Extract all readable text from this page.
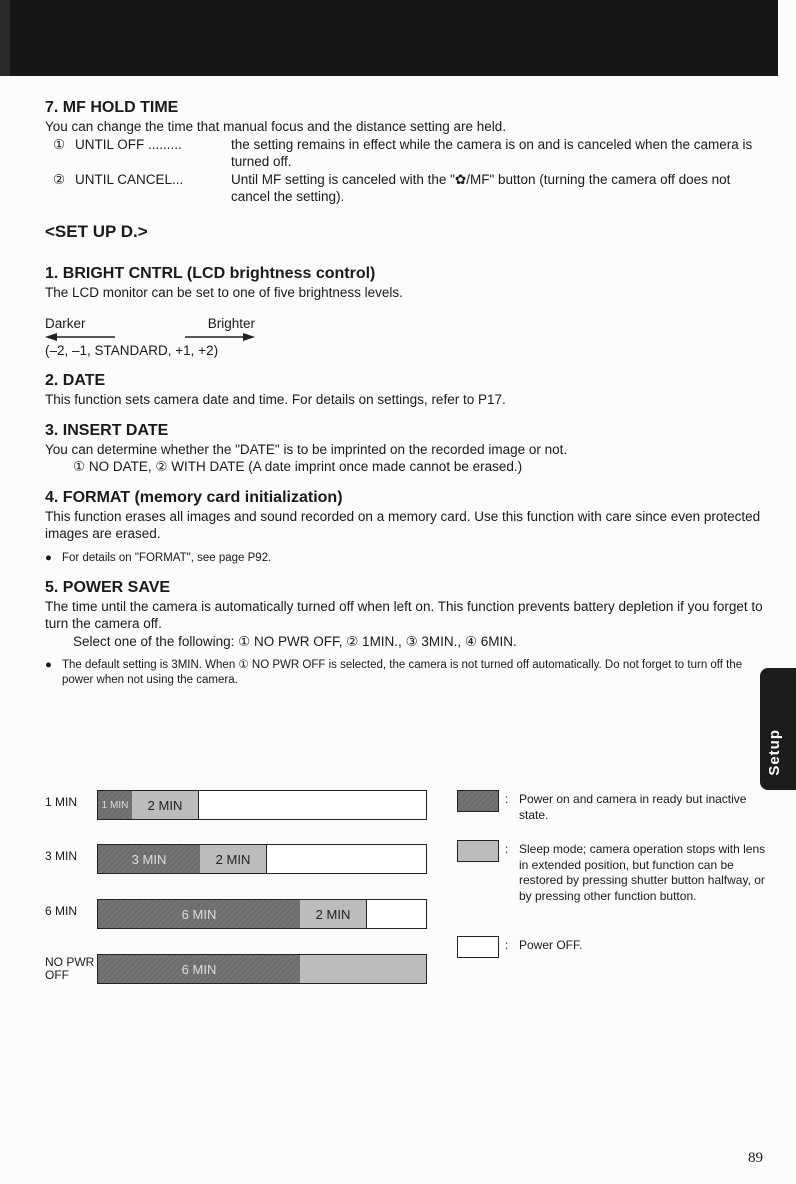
Setup
7. MF HOLD TIME

You can change the time that manual focus and the distance setting are held.

① UNTIL OFF .........	the setting remains in effect while the camera is on and is canceled when the camera is turned off.
② UNTIL CANCEL...	Until MF setting is canceled with the "✿/MF" button (turning the camera off does not cancel the setting).
<SET UP D.>
1. BRIGHT CNTRL (LCD brightness control)

The LCD monitor can be set to one of five brightness levels.

Darker	Brighter
(–2, –1, STANDARD, +1, +2)
2. DATE

This function sets camera date and time. For details on settings, refer to P17.

3. INSERT DATE

You can determine whether the "DATE" is to be imprinted on the recorded image or not.

① NO DATE, ② WITH DATE (A date imprint once made cannot be erased.)

4. FORMAT (memory card initialization)

This function erases all images and sound recorded on a memory card. Use this function with care since even protected images are erased.

● For details on "FORMAT", see page P92.
5. POWER SAVE

The time until the camera is automatically turned off when left on. This function prevents battery depletion if you forget to turn the camera off.

Select one of the following: ① NO PWR OFF, ② 1MIN., ③ 3MIN., ④ 6MIN.

● The default setting is 3MIN. When ① NO PWR OFF is selected, the camera is not turned off automatically. Do not forget to turn off the power when not using the camera.
1 MIN	1 MIN	2 MIN
3 MIN	3 MIN	2 MIN
6 MIN	6 MIN	2 MIN
NO PWR OFF	6 MIN
: Power on and camera in ready but inactive state.
: Sleep mode; camera operation stops with lens in extended position, but function can be restored by pressing shutter button halfway, or by pressing other function button.
: Power OFF.
89
